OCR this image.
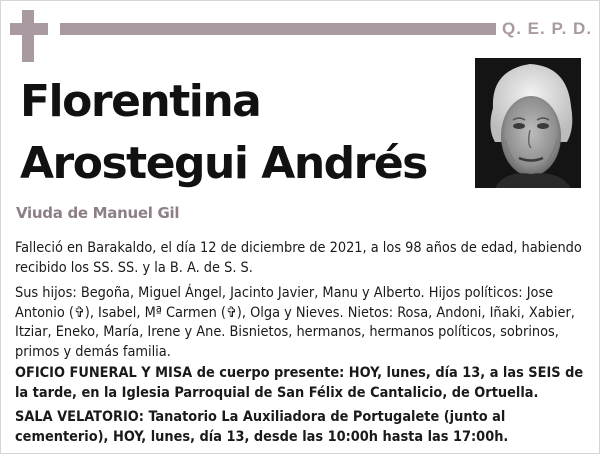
Q. E. P. D.
Florentina
Arostegui Andrés
Viuda de Manuel Gil
Falleció en Barakaldo, el día 12 de diciembre de 2021, a los 98 años de edad, habiendo recibido los SS. SS. y la B. A. de S. S.
Sus hijos: Begoña, Miguel Ángel, Jacinto Javier, Manu y Alberto. Hijos políticos: Jose Antonio (✞), Isabel, Mª Carmen (✞), Olga y Nieves. Nietos: Rosa, Andoni, Iñaki, Xabier, Itziar, Eneko, María, Irene y Ane. Bisnietos, hermanos, hermanos políticos, sobrinos, primos y demás familia.
OFICIO FUNERAL Y MISA de cuerpo presente: HOY, lunes, día 13, a las SEIS de la tarde, en la Iglesia Parroquial de San Félix de Cantalicio, de Ortuella.
SALA VELATORIO: Tanatorio La Auxiliadora de Portugalete (junto al cementerio), HOY, lunes, día 13, desde las 10:00h hasta las 17:00h.
